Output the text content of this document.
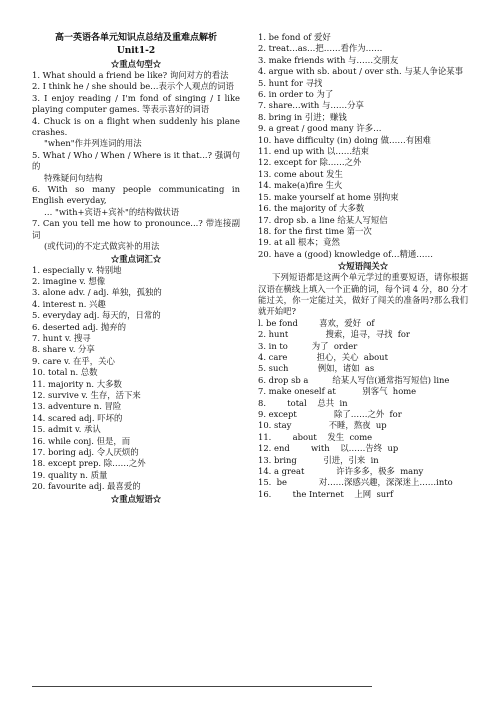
高一英语各单元知识点总结及重难点解析
Unit1-2
☆重点句型☆

1. What should a friend be like? 询问对方的看法

2. I think he / she should be…表示个人观点的词语

3. I enjoy reading / I'm fond of singing / I like playing computer games. 等表示喜好的词语

4. Chuck is on a flight when suddenly his plane crashes.

"when"作并列连词的用法

5. What / Who / When / Where is it that...? 强调句的

特殊疑问句结构

6. With so many people communicating in English everyday,

… "with+宾语+宾补"的结构做状语

7. Can you tell me how to pronounce...? 带连接副词

(或代词)的不定式做宾补的用法

☆重点词汇☆

1. especially v. 特别地

2. imagine v. 想像

3. alone adv. / adj. 单独，孤独的

4. interest n. 兴趣

5. everyday adj. 每天的，日常的

6. deserted adj. 抛弃的

7. hunt v. 搜寻

8. share v. 分享

9. care v. 在乎，关心

10. total n. 总数

11. majority n. 大多数

12. survive v. 生存，活下来

13. adventure n. 冒险

14. scared adj. 吓坏的

15. admit v. 承认

16. while conj. 但是，而

17. boring adj. 令人厌烦的

18. except prep. 除……之外

19. quality n. 质量

20. favourite adj. 最喜爱的

☆重点短语☆

1. be fond of 爱好

2. treat…as…把……看作为……

3. make friends with 与……交朋友

4. argue with sb. about / over sth. 与某人争论某事

5. hunt for 寻找

6. in order to 为了

7. share…with 与……分享

8. bring in 引进；赚钱

9. a great / good many 许多…

10. have difficulty (in) doing 做……有困难

11. end up with 以……结束

12. except for 除……之外

13. come about 发生

14. make(a)fire 生火

15. make yourself at home 别拘束

16. the majority of 大多数

17. drop sb. a line 给某人写短信

18. for the first time 第一次

19. at all 根本；竟然

20. have a (good) knowledge of…精通……

☆短语闯关☆

下列短语都是这两个单元学过的重要短语，请你根据汉语在横线上填入一个正确的词，每个词 4 分，80 分才能过关，你一定能过关，做好了闯关的准备吗?那么我们就开始吧?

l. be fond        喜欢，爱好  of

2. hunt              搜索，追寻，寻找  for

3. in to         为了  order

4. care           担心，关心  about

5. such           例如，诸如  as

6. drop sb a         给某人写信(通常指写短信) line

7. make oneself at          别客气  home

8.        total    总共  in

9. except              除了……之外  for

10. stay              不睡，熬夜  up

11.        about    发生  come

12. end        with    以……告终  up

13. bring          引进，引来  in

14. a great            许许多多，极多  many

15.  be            对……深感兴趣，深深迷上……into

16.        the Internet    上网  surf
